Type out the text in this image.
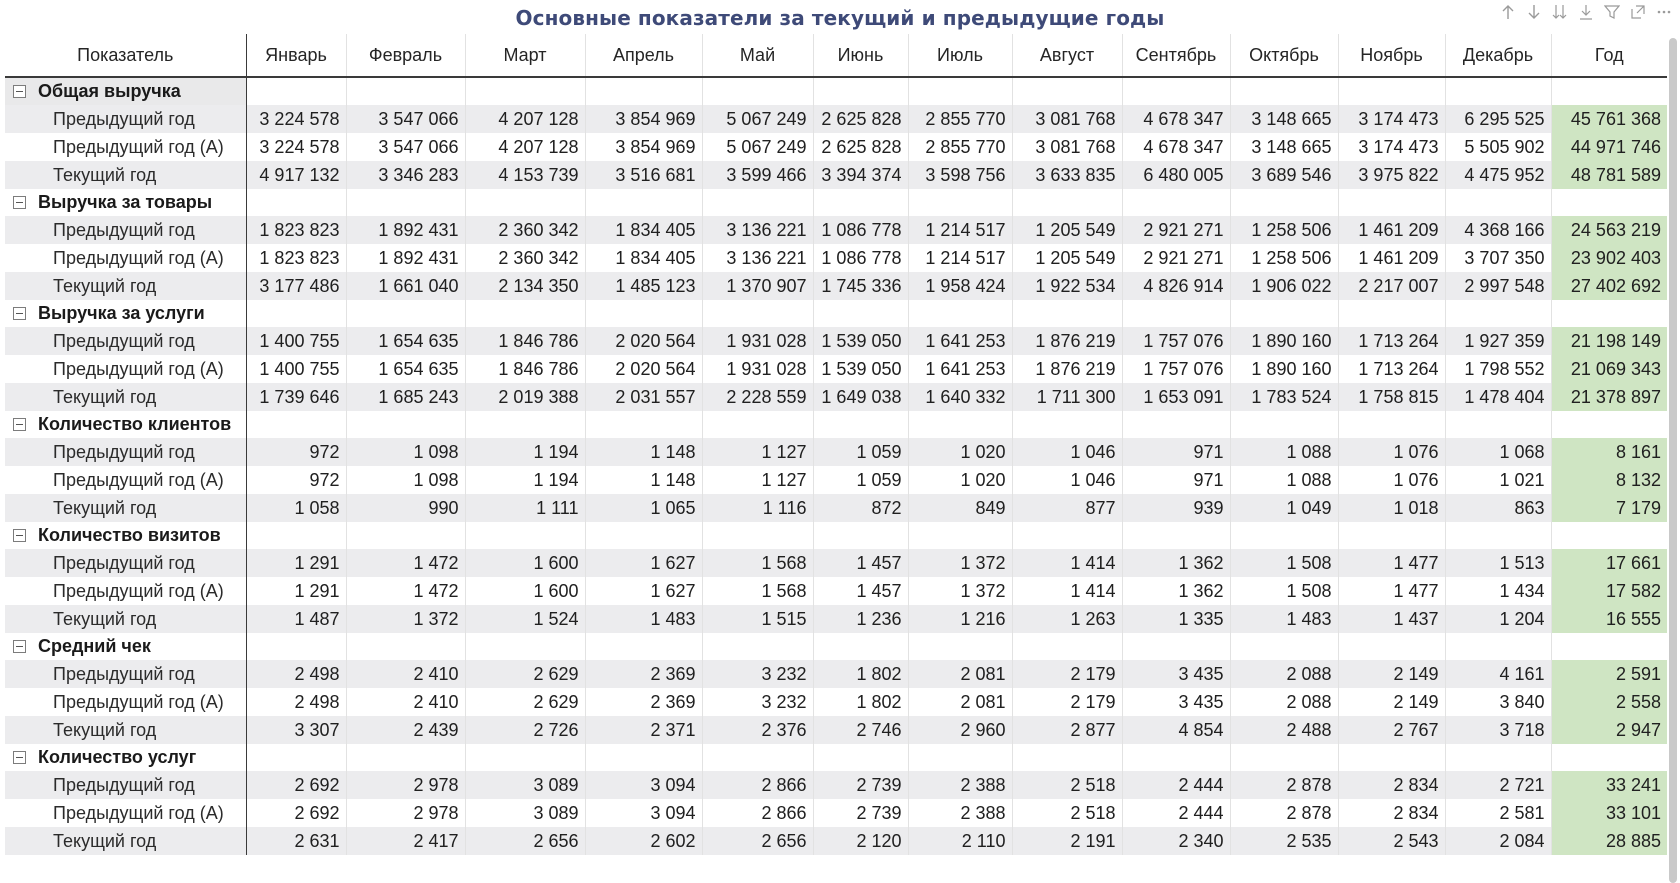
Основные показатели за текущий и предыдущие годы
Показатель	Январь	Февраль	Март	Апрель	Май	Июнь	Июль	Август	Сентябрь	Октябрь	Ноябрь	Декабрь	Год

Общая выручка													

Предыдущий год	3 224 578	3 547 066	4 207 128	3 854 969	5 067 249	2 625 828	2 855 770	3 081 768	4 678 347	3 148 665	3 174 473	6 295 525	45 761 368
Предыдущий год (А)	3 224 578	3 547 066	4 207 128	3 854 969	5 067 249	2 625 828	2 855 770	3 081 768	4 678 347	3 148 665	3 174 473	5 505 902	44 971 746
Текущий год	4 917 132	3 346 283	4 153 739	3 516 681	3 599 466	3 394 374	3 598 756	3 633 835	6 480 005	3 689 546	3 975 822	4 475 952	48 781 589

Выручка за товары													

Предыдущий год	1 823 823	1 892 431	2 360 342	1 834 405	3 136 221	1 086 778	1 214 517	1 205 549	2 921 271	1 258 506	1 461 209	4 368 166	24 563 219
Предыдущий год (А)	1 823 823	1 892 431	2 360 342	1 834 405	3 136 221	1 086 778	1 214 517	1 205 549	2 921 271	1 258 506	1 461 209	3 707 350	23 902 403
Текущий год	3 177 486	1 661 040	2 134 350	1 485 123	1 370 907	1 745 336	1 958 424	1 922 534	4 826 914	1 906 022	2 217 007	2 997 548	27 402 692

Выручка за услуги													

Предыдущий год	1 400 755	1 654 635	1 846 786	2 020 564	1 931 028	1 539 050	1 641 253	1 876 219	1 757 076	1 890 160	1 713 264	1 927 359	21 198 149
Предыдущий год (А)	1 400 755	1 654 635	1 846 786	2 020 564	1 931 028	1 539 050	1 641 253	1 876 219	1 757 076	1 890 160	1 713 264	1 798 552	21 069 343
Текущий год	1 739 646	1 685 243	2 019 388	2 031 557	2 228 559	1 649 038	1 640 332	1 711 300	1 653 091	1 783 524	1 758 815	1 478 404	21 378 897

Количество клиентов													

Предыдущий год	972	1 098	1 194	1 148	1 127	1 059	1 020	1 046	971	1 088	1 076	1 068	8 161
Предыдущий год (А)	972	1 098	1 194	1 148	1 127	1 059	1 020	1 046	971	1 088	1 076	1 021	8 132
Текущий год	1 058	990	1 111	1 065	1 116	872	849	877	939	1 049	1 018	863	7 179

Количество визитов													

Предыдущий год	1 291	1 472	1 600	1 627	1 568	1 457	1 372	1 414	1 362	1 508	1 477	1 513	17 661
Предыдущий год (А)	1 291	1 472	1 600	1 627	1 568	1 457	1 372	1 414	1 362	1 508	1 477	1 434	17 582
Текущий год	1 487	1 372	1 524	1 483	1 515	1 236	1 216	1 263	1 335	1 483	1 437	1 204	16 555

Средний чек													

Предыдущий год	2 498	2 410	2 629	2 369	3 232	1 802	2 081	2 179	3 435	2 088	2 149	4 161	2 591
Предыдущий год (А)	2 498	2 410	2 629	2 369	3 232	1 802	2 081	2 179	3 435	2 088	2 149	3 840	2 558
Текущий год	3 307	2 439	2 726	2 371	2 376	2 746	2 960	2 877	4 854	2 488	2 767	3 718	2 947

Количество услуг													

Предыдущий год	2 692	2 978	3 089	3 094	2 866	2 739	2 388	2 518	2 444	2 878	2 834	2 721	33 241
Предыдущий год (А)	2 692	2 978	3 089	3 094	2 866	2 739	2 388	2 518	2 444	2 878	2 834	2 581	33 101
Текущий год	2 631	2 417	2 656	2 602	2 656	2 120	2 110	2 191	2 340	2 535	2 543	2 084	28 885
